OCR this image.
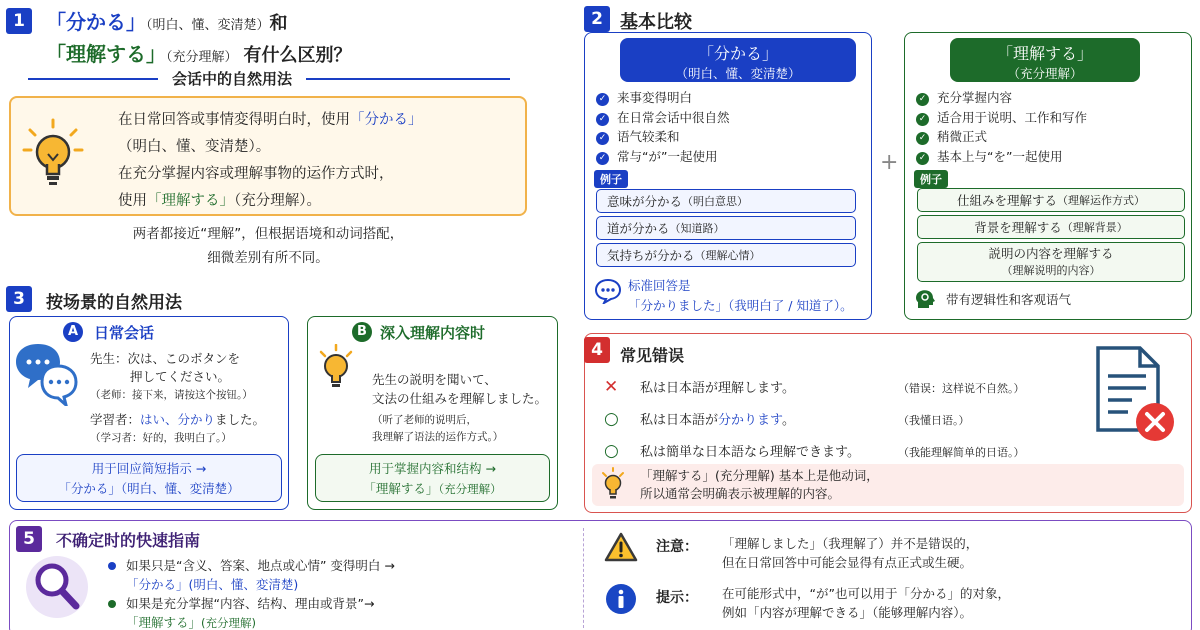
1	「分かる」（明白、懂、変清楚）和
「理解する」（充分理解） 有什么区别？
会话中的自然用法
在日常回答或事情変得明白时，使用「分かる」
（明白、懂、变清楚）。
在充分掌握内容或理解事物的运作方式时，
使用「理解する」（充分理解）。
两者都接近“理解”，但根据语境和动词搭配，
细微差别有所不同。
2 基本比较
「分かる」
（明白、懂、変清楚）
✓ 来事変得明白
✓ 在日常会话中很自然
✓ 语气较柔和
✓ 常与“が”一起使用
例子
意味が分かる （明白意思）
道が分かる （知道路）
気持ちが分かる （理解心情）
标准回答是
「分かりました」（我明白了 / 知道了）。
+
「理解する」
（充分理解）
✓ 充分掌握内容
✓ 适合用于说明、工作和写作
✓ 稍微正式
✓ 基本上与“を”一起使用
例子
仕組みを理解する （理解运作方式）
背景を理解する （理解背景）
説明の内容を理解する
（理解说明的内容）
带有逻辑性和客观语气
3	按场景的自然用法
A	日常会话
先生：次は、このボタンを
押してください。
（老师：接下来，请按这个按钮。）
学習者：はい、分かりました。
（学习者：好的，我明白了。）
用于回应简短指示 →
「分かる」（明白、懂、変清楚）
B 深入理解内容时
先生の説明を聞いて、
文法の仕組みを理解しました。
（听了老师的说明后，
我理解了语法的运作方式。）
用于掌握内容和结构 →
「理解する」（充分理解）
4	常见错误
✕ 私は日本語が理解します。	（错误：这样说不自然。）
○ 私は日本語が分かります。	（我懂日语。）
○ 私は簡単な日本語なら理解できます。	（我能理解简单的日语。）
「理解する」(充分理解) 基本上是他动词，
所以通常会明确表示被理解的内容。
5	不确定时的快速指南
如果只是“含义、答案、地点或心情” 变得明白 →
「分かる」(明白、懂、変清楚)
如果是充分掌握“内容、结构、理由或背景”→
「理解する」(充分理解)
注意： 「理解しました」（我理解了）并不是错误的，
但在日常回答中可能会显得有点正式或生硬。
提示： 在可能形式中，“が”也可以用于「分かる」的对象，
例如「内容が理解できる」（能够理解内容）。
